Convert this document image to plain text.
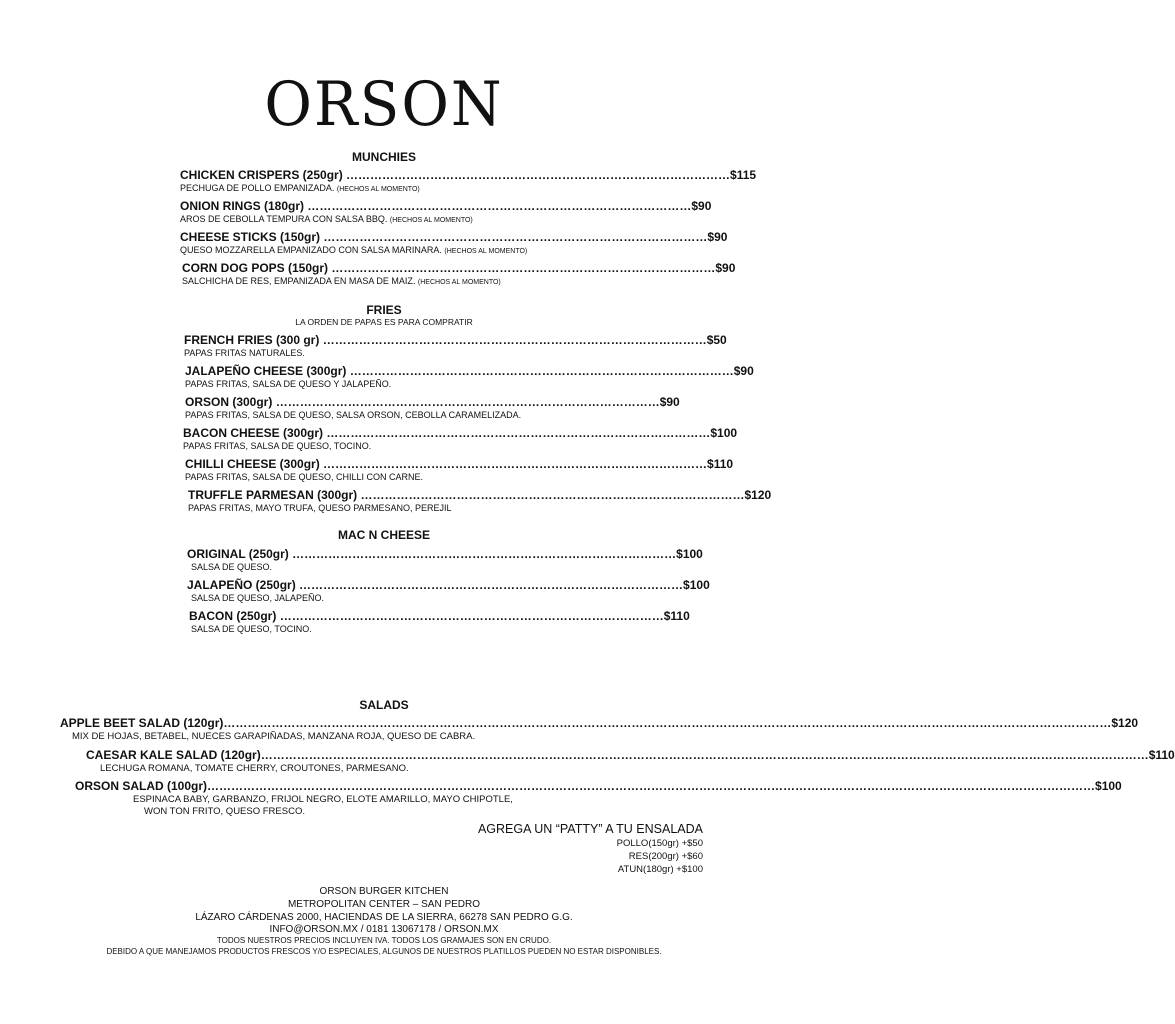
ORSON
MUNCHIES
CHICKEN CRISPERS (250gr) …………………………………………………………………………………… $115
PECHUGA DE POLLO EMPANIZADA. (HECHOS AL MOMENTO)
ONION RINGS (180gr) …………………………………………………………………………………… $90
AROS DE CEBOLLA TEMPURA CON SALSA BBQ. (HECHOS AL MOMENTO)
CHEESE STICKS (150gr) …………………………………………………………………………………… $90
QUESO MOZZARELLA EMPANIZADO CON SALSA MARINARA. (HECHOS AL MOMENTO)
CORN DOG POPS (150gr) …………………………………………………………………………………… $90
SALCHICHA DE RES, EMPANIZADA EN MASA DE MAIZ. (HECHOS AL MOMENTO)
FRIES
LA ORDEN DE PAPAS ES PARA COMPRATIR
FRENCH FRIES (300 gr) …………………………………………………………………………………… $50
PAPAS FRITAS NATURALES.
JALAPEÑO CHEESE (300gr) …………………………………………………………………………………… $90
PAPAS FRITAS, SALSA DE QUESO Y JALAPEÑO.
ORSON (300gr) …………………………………………………………………………………… $90
PAPAS FRITAS, SALSA DE QUESO, SALSA ORSON, CEBOLLA CARAMELIZADA.
BACON CHEESE (300gr) …………………………………………………………………………………… $100
PAPAS FRITAS, SALSA DE QUESO, TOCINO.
CHILLI CHEESE (300gr) …………………………………………………………………………………… $110
PAPAS FRITAS, SALSA DE QUESO, CHILLI CON CARNE.
TRUFFLE PARMESAN (300gr) …………………………………………………………………………………… $120
PAPAS FRITAS, MAYO TRUFA, QUESO PARMESANO, PEREJIL
MAC N CHEESE
ORIGINAL (250gr) …………………………………………………………………………………… $100
SALSA DE QUESO.
JALAPEÑO (250gr) …………………………………………………………………………………… $100
SALSA DE QUESO, JALAPEÑO.
BACON (250gr) …………………………………………………………………………………… $110
SALSA DE QUESO, TOCINO.
SALADS
APPLE BEET SALAD (120gr) …………………………………………………………………………………………………………………………………………………………………………………………………… $120
MIX DE HOJAS, BETABEL, NUECES GARAPIÑADAS, MANZANA ROJA, QUESO DE CABRA.
CAESAR KALE SALAD (120gr) …………………………………………………………………………………………………………………………………………………………………………………………………… $110
LECHUGA ROMANA, TOMATE CHERRY, CROUTONES, PARMESANO.
ORSON SALAD (100gr) …………………………………………………………………………………………………………………………………………………………………………………………………… $100
ESPINACA BABY, GARBANZO, FRIJOL NEGRO, ELOTE AMARILLO, MAYO CHIPOTLE,
WON TON FRITO, QUESO FRESCO.
AGREGA UN “PATTY” A TU ENSALADA
POLLO(150gr) +$50
RES(200gr) +$60
ATUN(180gr) +$100
ORSON BURGER KITCHEN
METROPOLITAN CENTER – SAN PEDRO
LÁZARO CÁRDENAS 2000, HACIENDAS DE LA SIERRA, 66278 SAN PEDRO G.G.
INFO@ORSON.MX / 0181 13067178 / ORSON.MX
TODOS NUESTROS PRECIOS INCLUYEN IVA. TODOS LOS GRAMAJES SON EN CRUDO.
DEBIDO A QUE MANEJAMOS PRODUCTOS FRESCOS Y/O ESPECIALES, ALGUNOS DE NUESTROS PLATILLOS PUEDEN NO ESTAR DISPONIBLES.
